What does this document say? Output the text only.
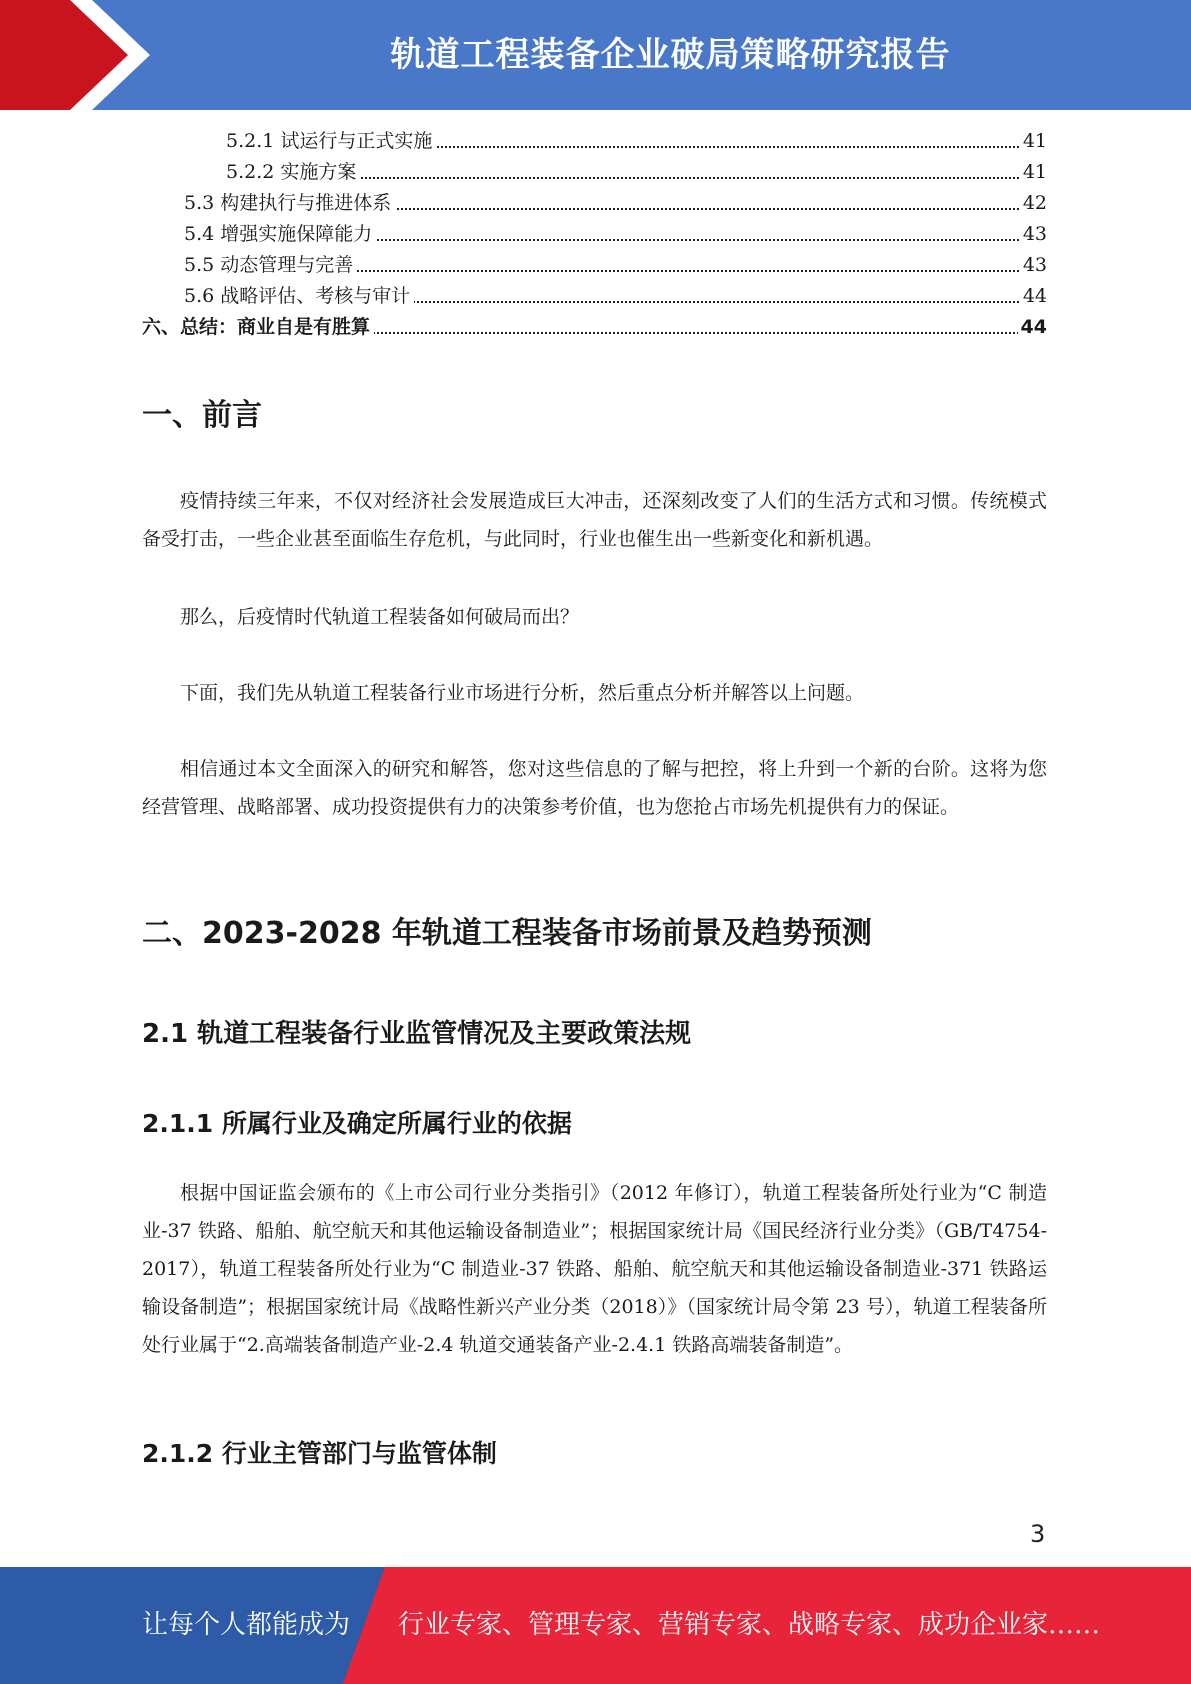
轨道工程装备企业破局策略研究报告
5.2.1 试运行与正式实施	41
5.2.2 实施方案	41
5.3 构建执行与推进体系	42
5.4 增强实施保障能力	43
5.5 动态管理与完善	43
5.6 战略评估、考核与审计	44
六、总结：商业自是有胜算	44
一、前言
疫情持续三年来，不仅对经济社会发展造成巨大冲击，还深刻改变了人们的生活方式和习惯。传统模式备受打击，一些企业甚至面临生存危机，与此同时，行业也催生出一些新变化和新机遇。
那么，后疫情时代轨道工程装备如何破局而出？
下面，我们先从轨道工程装备行业市场进行分析，然后重点分析并解答以上问题。
相信通过本文全面深入的研究和解答，您对这些信息的了解与把控，将上升到一个新的台阶。这将为您经营管理、战略部署、成功投资提供有力的决策参考价值，也为您抢占市场先机提供有力的保证。
二、2023-2028 年轨道工程装备市场前景及趋势预测
2.1 轨道工程装备行业监管情况及主要政策法规
2.1.1 所属行业及确定所属行业的依据
根据中国证监会颁布的《上市公司行业分类指引》（2012 年修订），轨道工程装备所处行业为“C 制造业-37 铁路、船舶、航空航天和其他运输设备制造业”；根据国家统计局《国民经济行业分类》（GB/T4754-2017），轨道工程装备所处行业为“C 制造业-37 铁路、船舶、航空航天和其他运输设备制造业-371 铁路运输设备制造”；根据国家统计局《战略性新兴产业分类（2018）》（国家统计局令第 23 号），轨道工程装备所处行业属于“2.高端装备制造产业-2.4 轨道交通装备产业-2.4.1 铁路高端装备制造”。
2.1.2 行业主管部门与监管体制
3
让每个人都能成为 行业专家、管理专家、营销专家、战略专家、成功企业家……
